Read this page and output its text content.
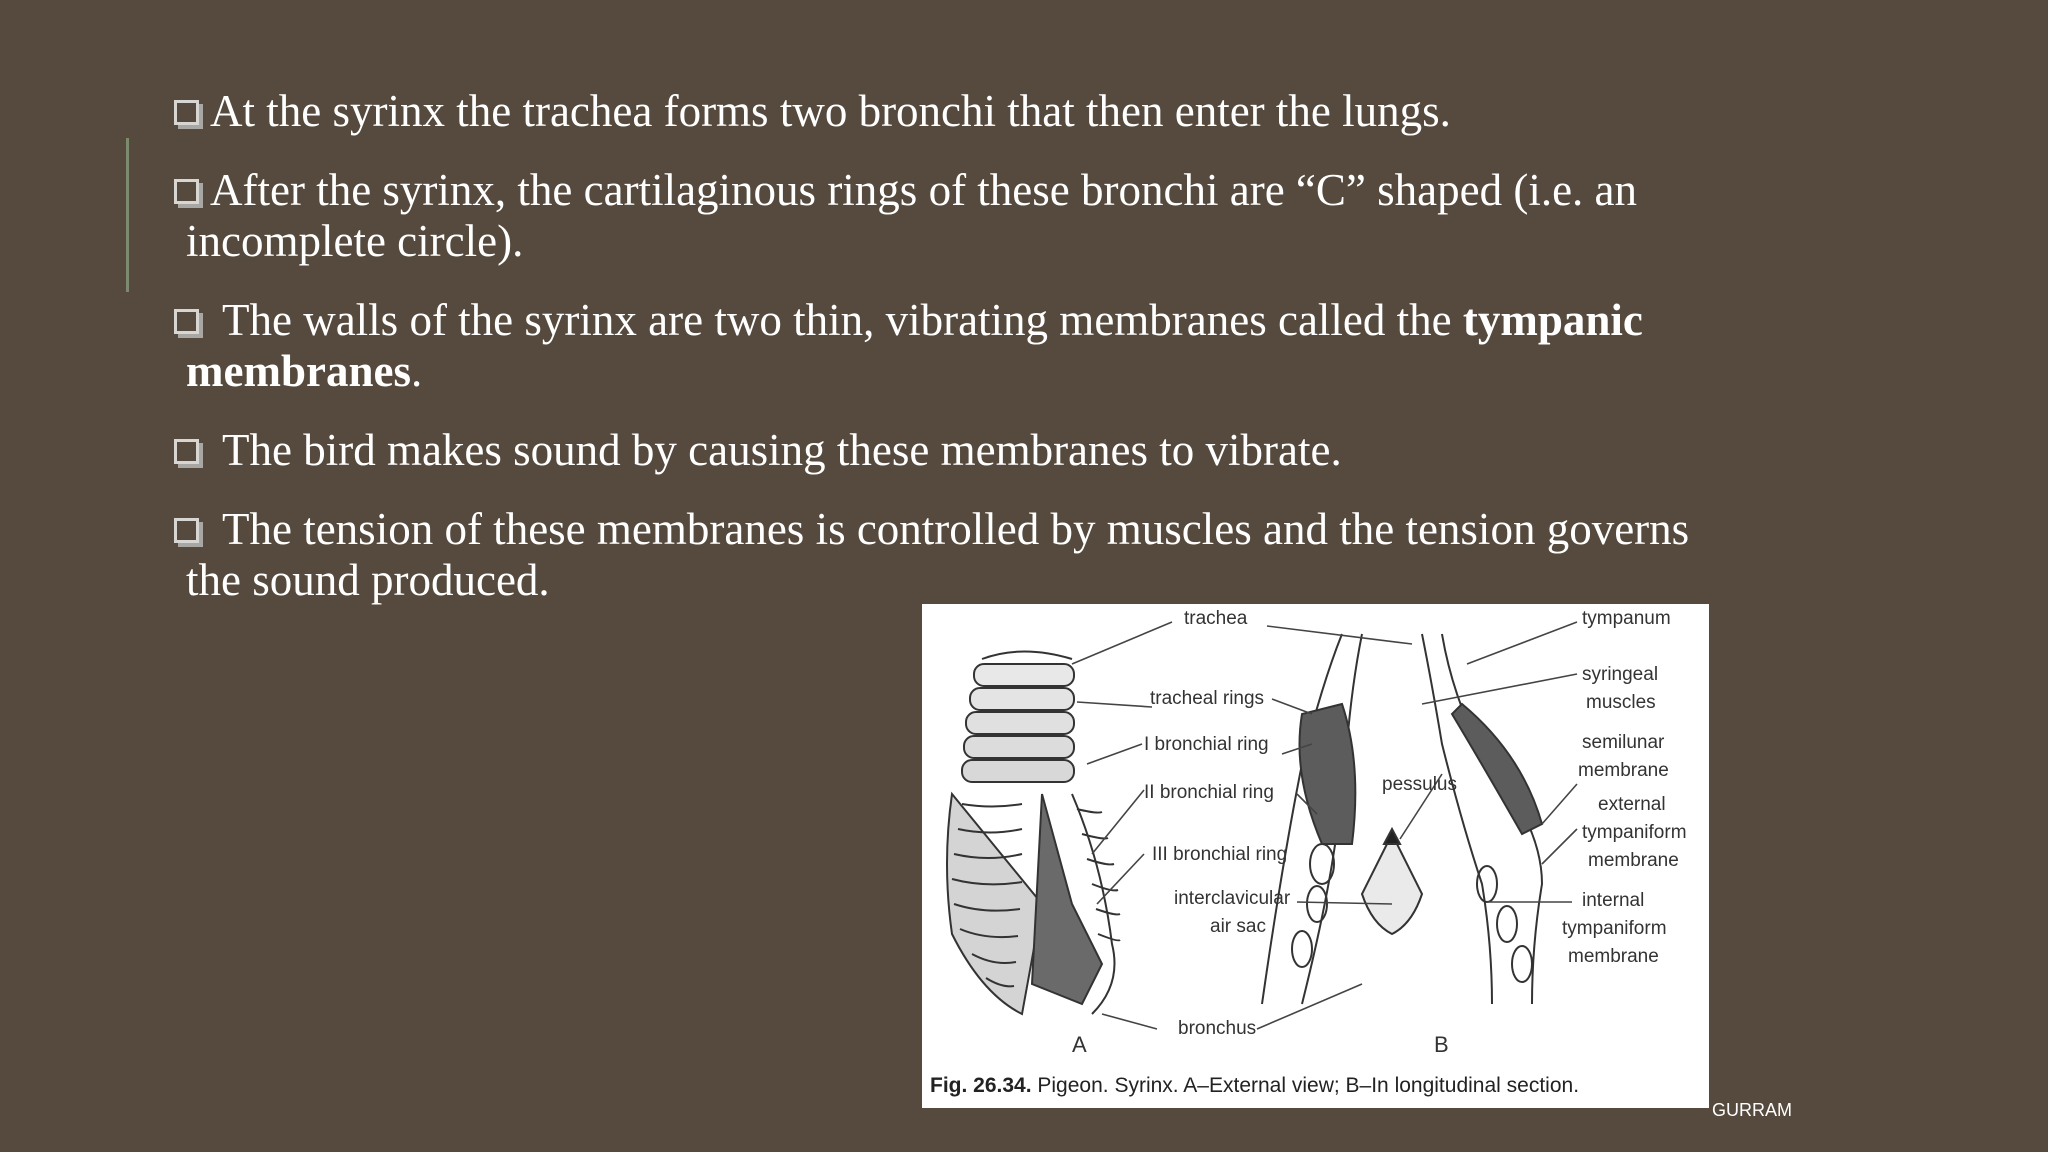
At the syrinx the trachea forms two bronchi that then enter the lungs.
After the syrinx, the cartilaginous rings of these bronchi are “C” shaped (i.e. an
incomplete circle).
The walls of the syrinx are two thin, vibrating membranes called the tympanic
membranes.
The bird makes sound by causing these membranes to vibrate.
The tension of these membranes is controlled by muscles and the tension governs
the sound produced.
trachea	tympanum
syringeal
muscles
tracheal rings
I bronchial ring
II bronchial ring
III bronchial ring
pessulus
semilunar
membrane
external
tympaniform
membrane
interclavicular
air sac
internal
tympaniform
membrane
bronchus
A	B
Fig. 26.34. Pigeon. Syrinx. A–External view; B–In longitudinal section.
GURRAM
